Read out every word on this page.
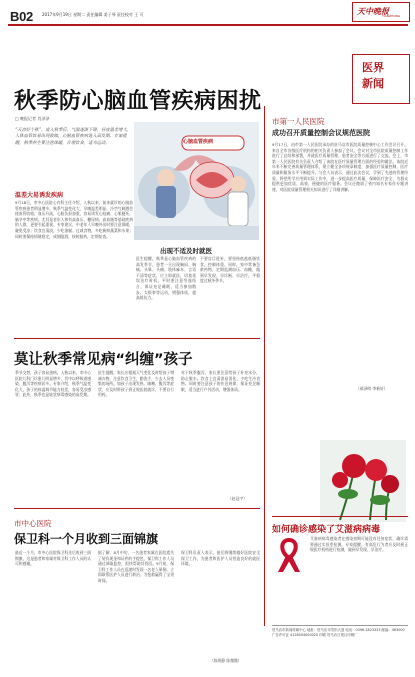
B02 2017年9月19日 星期二 责任编辑 姜子琴 责任校对 王 可	天中晚报
TIANZHONG
医界
新闻
秋季防心脑血管疾病困扰
□ 晚报记者 肖泽泽
“天凉好个秋”。进入秋季后，气温逐渐下降，昼夜温差增大，人体血管容易出现收缩，心脑血管疾病进入高发期。专家提醒，秋季养生要注意保暖，合理饮食，适当运动。
温差大易诱发疾病
9月18日，市中心医院心内科主任介绍，入秋以来，前来就诊的心脑血管疾病患者明显增多。秋季气温变化大，早晚温差明显，冷空气刺激会使血管收缩，血压升高，心脏负担加重，容易诱发心绞痛、心肌梗死、脑卒中等疾病。尤其是老年人和有高血压、糖尿病、高血脂等基础疾病的人群，更要引起重视。专家建议，中老年人早晚外出时要注意保暖，避免受凉；饮食宜清淡，少吃油腻、过咸食物，多吃新鲜蔬菜和水果；同时要保持情绪稳定，戒烟限酒，按时服药，定期复查。
心脑血管疾病
出现不适及时就医
医生提醒，秋季是心脑血管疾病的高发季节，患者一旦出现胸闷、胸痛、头晕、头痛、肢体麻木、言语不清等症状，应立即就医，切莫延误治疗时机。平时要注意劳逸结合，保证充足睡眠，适当参加散步、太极拳等运动，增强体质，提高抵抗力。
不要盲目进补，要坚持低盐低脂饮食，控制体重。同时，家中常备急救药物，定期监测血压、血糖，做到早发现、早诊断、早治疗，平稳度过秋冬季节。
莫让秋季常见病“纠缠”孩子
季节交替，孩子容易患病。入秋以来，市中心医院儿科门诊患儿明显增多，其中以呼吸道感染、腹泻等疾病居多。专家介绍，秋季气温变化大，孩子的体温调节能力较差，容易受凉感冒；此外，秋季也是轮状病毒感染的高发期。
医生提醒，家长应根据天气变化及时给孩子增减衣物，注意饮食卫生，勤洗手，少去人员密集的场所。如孩子出现发热、咳嗽、腹泻等症状，应及时带孩子到正规医院就诊，不要自行用药。
对于秋季腹泻，家长要注意给孩子补充水分，防止脱水。饮食上宜清淡易消化，少吃生冷食物。同时要注意孩子的作息规律，保证充足睡眠，适当进行户外活动，增强体质。
（赵冠宇）
市中心医院
保卫科一个月收到三面锦旗
最近一个月，市中心医院保卫科先后收到三面锦旗，这是患者和家属对保卫科工作人员的认可和感谢。
据了解，8月中旬，一名患者家属在医院遗失了装有现金和证件的手提包，保卫科工作人员通过调取监控，很快帮助其找回。9月初，保卫科工作人员在巡逻时发现一名老人晕倒，立即联系医护人员进行救治，为抢救赢得了宝贵时间。
保卫科负责人表示，他们将继续做好医院安全保卫工作，为患者和医护人员营造良好的就医环境。
（陈明静 陈微微）
市第一人民医院
成功召开质量控制会议规范医院
9月17日，由市第一人民医院承办的驻马店市医院质量控制中心工作会议召开。来自全市各级医疗机构的相关负责人参加了会议。会议对全市医院质量控制工作进行了总结和部署，并就医疗质量管理、患者安全等方面进行了交流。会上，市第一人民医院有关负责人介绍了该院在医疗质量管理方面的经验和做法。该院近年来不断完善质量管理体系，建立健全各项规章制度，加强医疗质量控制，医疗质量和服务水平不断提升。与会人员表示，通过此次会议，学到了先进的管理经验，将把所学应用到实际工作中，进一步提高医疗质量，保障医疗安全，为群众提供更加优质、高效、便捷的医疗服务。会议还邀请了省内知名专家作专题讲座，对医院质量管理相关知识进行了详细讲解。
（郝泽明 李新轩）
如何确诊感染了艾滋病病毒
艾滋病病毒感染者在感染初期可能没有任何症状，确诊需要通过实验室检测。专家提醒，有高危行为者应及时到正规医疗机构进行检测，做到早发现、早治疗。
驻马店市新闻传媒中心 地址：驻马店市雪松大道 电话：0396-2823333 邮编：463000 广告许可证 4128004000020 印刷 驻马店日报社印刷厂
